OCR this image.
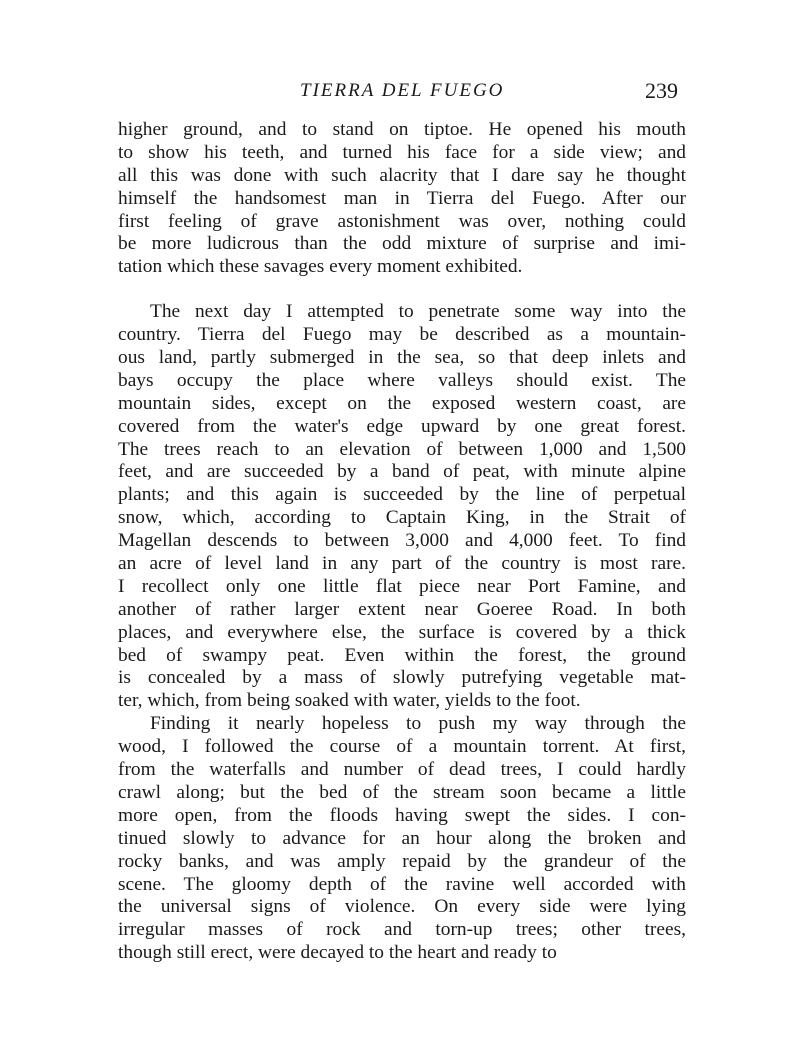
TIERRA DEL FUEGO	239
higher ground, and to stand on tiptoe. He opened his mouth
to show his teeth, and turned his face for a side view; and
all this was done with such alacrity that I dare say he thought
himself the handsomest man in Tierra del Fuego. After our
first feeling of grave astonishment was over, nothing could
be more ludicrous than the odd mixture of surprise and imi-
tation which these savages every moment exhibited.
The next day I attempted to penetrate some way into the
country. Tierra del Fuego may be described as a mountain-
ous land, partly submerged in the sea, so that deep inlets and
bays occupy the place where valleys should exist. The
mountain sides, except on the exposed western coast, are
covered from the water's edge upward by one great forest.
The trees reach to an elevation of between 1,000 and 1,500
feet, and are succeeded by a band of peat, with minute alpine
plants; and this again is succeeded by the line of perpetual
snow, which, according to Captain King, in the Strait of
Magellan descends to between 3,000 and 4,000 feet. To find
an acre of level land in any part of the country is most rare.
I recollect only one little flat piece near Port Famine, and
another of rather larger extent near Goeree Road. In both
places, and everywhere else, the surface is covered by a thick
bed of swampy peat. Even within the forest, the ground
is concealed by a mass of slowly putrefying vegetable mat-
ter, which, from being soaked with water, yields to the foot.
Finding it nearly hopeless to push my way through the
wood, I followed the course of a mountain torrent. At first,
from the waterfalls and number of dead trees, I could hardly
crawl along; but the bed of the stream soon became a little
more open, from the floods having swept the sides. I con-
tinued slowly to advance for an hour along the broken and
rocky banks, and was amply repaid by the grandeur of the
scene. The gloomy depth of the ravine well accorded with
the universal signs of violence. On every side were lying
irregular masses of rock and torn-up trees; other trees,
though still erect, were decayed to the heart and ready to
